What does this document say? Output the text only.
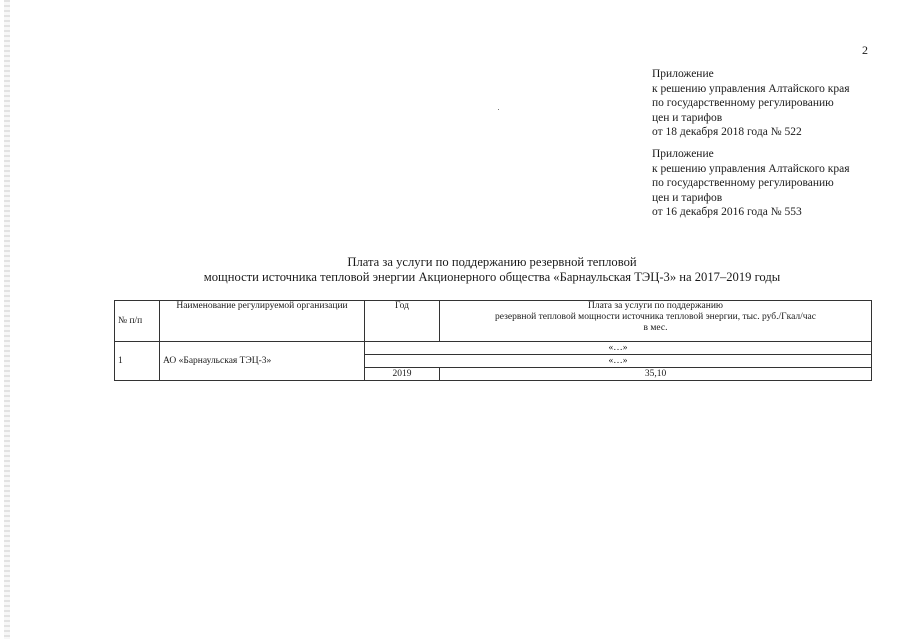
2
Приложение
к решению управления Алтайского края
по государственному регулированию
цен и тарифов
от 18 декабря 2018 года № 522
Приложение
к решению управления Алтайского края
по государственному регулированию
цен и тарифов
от 16 декабря 2016 года № 553
Плата за услуги по поддержанию резервной тепловой
мощности источника тепловой энергии Акционерного общества «Барнаульская ТЭЦ-3» на 2017–2019 годы
№ п/п	Наименование регулируемой организации	Год	Плата за услуги по поддержанию
резервной тепловой мощности источника тепловой энергии, тыс. руб./Гкал/час
в мес.

1	АО «Барнаульская ТЭЦ-3»	«…»	
		«…»	
		2019	35,10
